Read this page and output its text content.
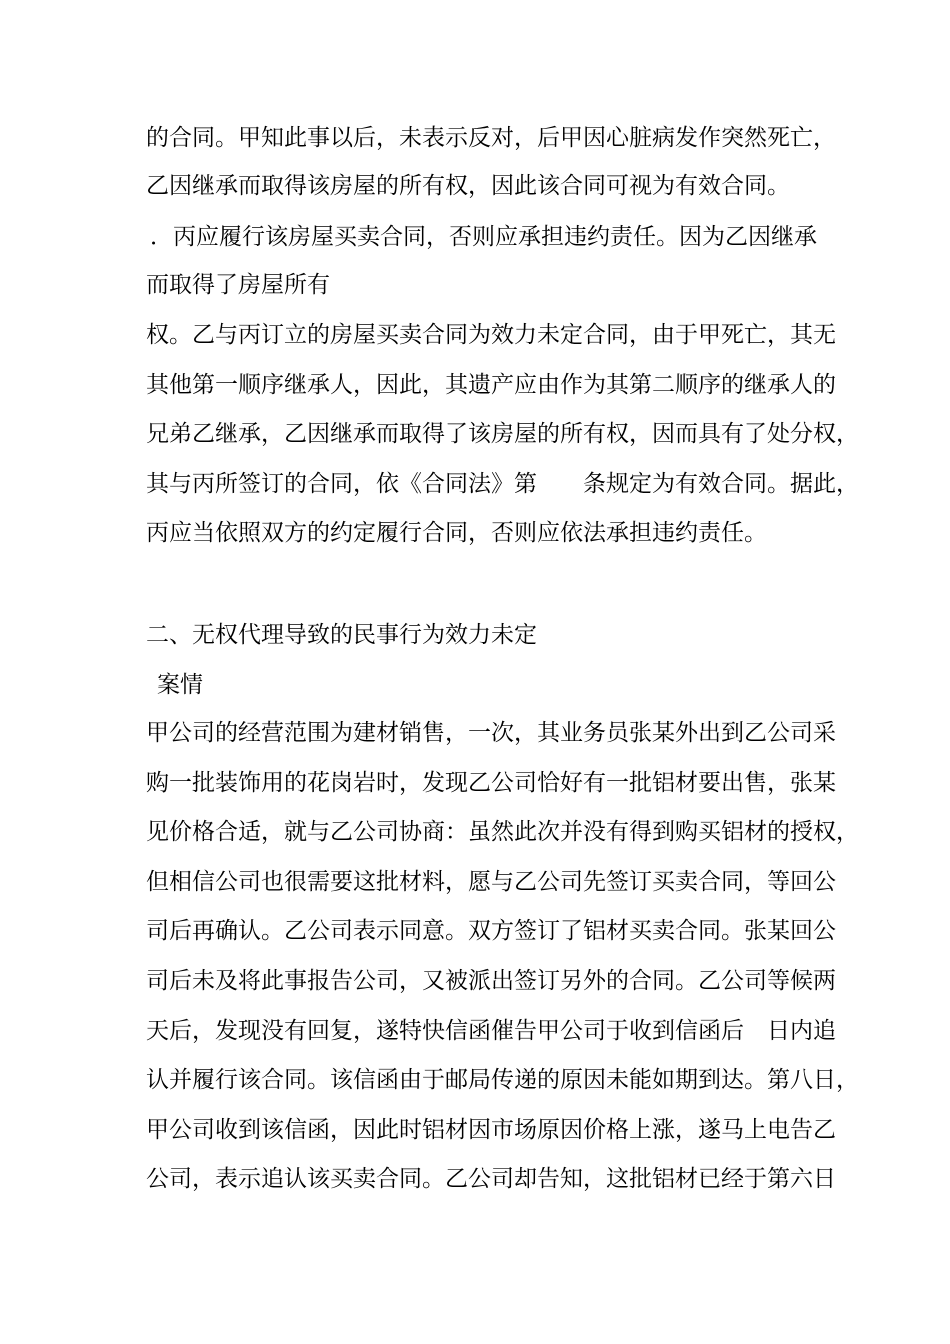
的合同。甲知此事以后，未表示反对，后甲因心脏病发作突然死亡，
乙因继承而取得该房屋的所有权，因此该合同可视为有效合同。
．丙应履行该房屋买卖合同，否则应承担违约责任。因为乙因继承
而取得了房屋所有
权。乙与丙订立的房屋买卖合同为效力未定合同，由于甲死亡，其无
其他第一顺序继承人，因此，其遗产应由作为其第二顺序的继承人的
兄弟乙继承，乙因继承而取得了该房屋的所有权，因而具有了处分权，
其与丙所签订的合同，依《合同法》第　　条规定为有效合同。据此，
丙应当依照双方的约定履行合同，否则应依法承担违约责任。
二、无权代理导致的民事行为效力未定
案情
甲公司的经营范围为建材销售，一次，其业务员张某外出到乙公司采
购一批装饰用的花岗岩时，发现乙公司恰好有一批铝材要出售，张某
见价格合适，就与乙公司协商：虽然此次并没有得到购买铝材的授权，
但相信公司也很需要这批材料，愿与乙公司先签订买卖合同，等回公
司后再确认。乙公司表示同意。双方签订了铝材买卖合同。张某回公
司后未及将此事报告公司，又被派出签订另外的合同。乙公司等候两
天后，发现没有回复，遂特快信函催告甲公司于收到信函后　日内追
认并履行该合同。该信函由于邮局传递的原因未能如期到达。第八日，
甲公司收到该信函，因此时铝材因市场原因价格上涨，遂马上电告乙
公司，表示追认该买卖合同。乙公司却告知，这批铝材已经于第六日
